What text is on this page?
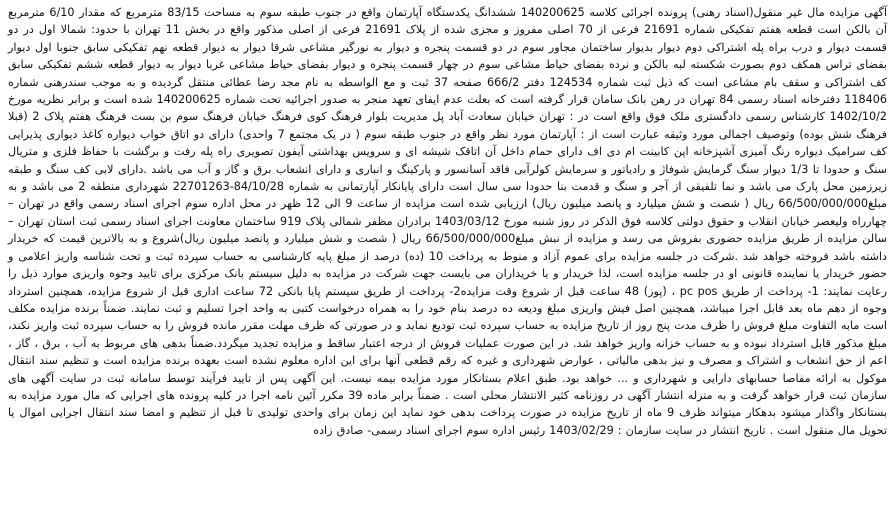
آگهی مزایده مال غیر منقول(اسناد رهنی) پرونده اجرائی کلاسه 140200625 ششدانگ یکدستگاه آپارتمان واقع در جنوب طبقه سوم به مساحت 83/15 مترمربع که مقدار 6/10 مترمربع آن بالکن است قطعه هفتم تفکیکی شماره 21691 فرعی از 70 اصلی مفروز و مجزی شده از پلاک 21691 فرعی از اصلی مذکور واقع در بخش 11 تهران با حدود: شمالا اول در دو قسمت دیوار و درب براه پله اشتراکی دوم دیوار بدیوار ساختمان مجاور سوم در دو قسمت پنجره و دیوار به نورگیر مشاعی شرقا دیوار به دیوار قطعه نهم تفکیکی سابق جنوبا اول دیوار بفضای تراس همکف دوم بصورت شکسته لبه بالکن و نرده بفضای حیاط مشاعی سوم در چهار قسمت پنجره و دیوار بفضای حیاط مشاعی غربا دیوار به دیوار قطعه ششم تفکیکی سابق کف اشتراکی و سقف بام مشاعی است که ذیل ثبت شماره 124534 دفتر 666/2 صفحه 37 ثبت و مع الواسطه به نام مجد رضا عطائی منتقل گردیده و به موجب سندرهنی شماره 118406 دفترخانه اسناد رسمی 84 تهران در رهن بانک سامان قرار گرفته است که بعلت عدم ایفای تعهد منجر به صدور اجرائیه تحت شماره 140200625 شده است و برابر نظریه مورخ 1402/10/2 کارشناس رسمی دادگستری ملک فوق واقع است در : تهران خیابان سعادت آباد پل مدیریت بلوار فرهنگ کوی فرهنگ خیابان فرهنگ سوم بن بست فرهنگ هفتم پلاک 2 (قبلا فرهنگ شش بوده) وتوصیف اجمالی مورد وثیقه عبارت است از : آپارتمان مورد نظر واقع در جنوب طبقه سوم ( در یک مجتمع 7 واحدی) دارای دو اتاق خواب دیواره کاغذ دیواری پذیرایی کف سرامیک دیواره رنگ آمیزی آشپزخانه اپن کابینت ام دی اف دارای حمام داخل آن اتاقک شیشه ای و سرویس بهداشتی آیفون تصویری راه پله رفت و برگشت با حفاظ فلزی و متریال سنگ و حدودا تا 1/3 دیوار سنگ گرمایش شوفاژ و رادیاتور و سرمایش کولرآبی فاقد آسانسور و پارکینگ و انباری و دارای انشعاب برق و گاز و آب می باشد .دارای لابی کف سنگ و طبقه زیرزمین محل پارک می باشد و نما تلفیقی از آجر و سنگ و قدمت بنا حدودا سی سال است دارای پایانکار آپارتمانی به شماره 84/10/28-22701263 شهرداری منطقه 2 می باشد و به مبلغ66/500/000/000 ریال ( شصت و شش میلیارد و پانصد میلیون ریال) ارزیابی شده است مزایده از ساعت 9 الی 12 ظهر در محل اداره سوم اجرای اسناد رسمی واقع در تهران – چهارراه ولیعصر خیابان انقلاب و حقوق دولتی کلاسه فوق الذکر در روز شنبه مورخ 1403/03/12 برادران مظفر شمالی پلاک 919 ساختمان معاونت اجرای اسناد رسمی ثبت استان تهران – سالن مزایده از طریق مزایده حضوری بفروش می رسد و مزایده از نبش مبلغ66/500/000/000 ریال ( شصت و شش میلیارد و پانصد میلیون ریال)شروع و به بالاترین قیمت که خریدار داشته باشد فروخته خواهد شد .شرکت در جلسه مزایده برای عموم آزاد و منوط به پرداخت 10 (ده) درصد از مبلغ پایه کارشناسی به حساب سپرده ثبت و تحت شناسه واریز اعلامی و حضور خریدار یا نماینده قانونی او در جلسه مزایده است، لذا خریدار و یا خریداران می بایست جهت شرکت در مزایده به دلیل سیستم بانک مرکزی برای تایید وجوه واریزی موارد ذیل را رعایت نمایند: 1- پرداخت از طریق pc pos ، (پوز) 48 ساعت قبل از شروع وقت مزایده2- پرداخت از طریق سیستم پایا بانکی 72 ساعت اداری قبل از شروع مزایده، همچنین استرداد وجوه از دهم ماه بعد قابل اجرا میباشد، همچنین اصل فیش واریزی مبلغ ودیعه ده درصد بنام خود را به همراه درخواست کتبی به واحد اجرا تسلیم و ثبت نمایند. ضمناً برنده مزایده مکلف است مابه التفاوت مبلغ فروش را ظرف مدت پنج روز از تاریخ مزایده به حساب سپرده ثبت تودیع نماید و در صورتی که ظرف مهلت مقرر مانده فروش را به حساب سپرده ثبت واریز نکند، مبلغ مذکور قابل استرداد نبوده و به حساب خزانه واریز خواهد شد. در این صورت عملیات فروش از درجه اعتبار ساقط و مزایده تجدید میگردد.ضمناً بدهی های مربوط به آب ، برق ، گاز ، اعم از حق انشعاب و اشتراک و مصرف و نیز بدهی مالیاتی ، عوارض شهرداری و غیره که رقم قطعی آنها برای این اداره معلوم نشده است بعهده برنده مزایده است و تنظیم سند انتقال موکول به ارائه مفاصا حسابهای دارایی و شهرداری و ... خواهد بود. طبق اعلام بستانکار مورد مزایده بیمه نیست. این آگهی پس از تایید فرآیند توسط سامانه ثبت در سایت آگهی های سازمان ثبت قرار خواهد گرفت و به منزله انتشار آگهی در روزنامه کثیر الانتشار محلی است . ضمناً برابر ماده 39 مکرر آئین نامه اجرا در کلیه پرونده های اجرایی که مال مورد مزایده به بستانکار واگذار میشود بدهکار میتواند ظرف 9 ماه از تاریخ مزایده در صورت پرداخت بدهی خود نماید این زمان برای واحدی تولیدی تا قبل از تنظیم و امضا سند انتقال اجرایی اموال یا تحویل مال منقول است . تاریخ انتشار در سایت سازمان : 1403/02/29 رئیس اداره سوم اجرای اسناد رسمی- صادق زاده
